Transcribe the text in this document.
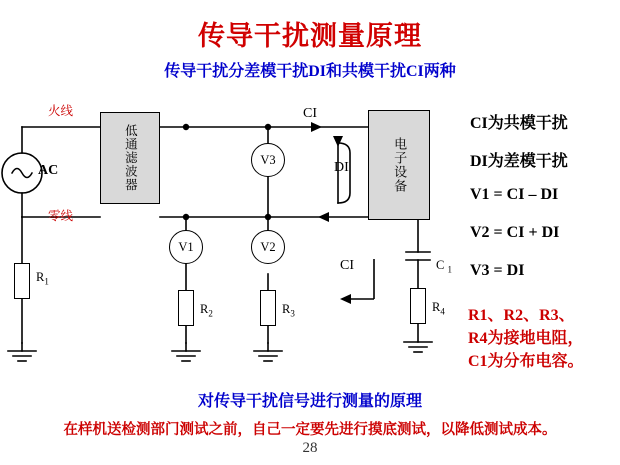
传导干扰测量原理
传导干扰分差模干扰DI和共模干扰CI两种
低通滤波器	电子设备
V3
V1	V2
$R_1$
$R_2$	$R_3$	$R_4$
C $_1$
火线
零线
AC
CI
DI
CI
CI为共模干扰
DI为差模干扰
V1 = CI – DI
V2 = CI + DI
V3 = DI
R1、R2、R3、
R4为接地电阻，
C1为分布电容。
对传导干扰信号进行测量的原理
在样机送检测部门测试之前，自己一定要先进行摸底测试，以降低测试成本。
28
